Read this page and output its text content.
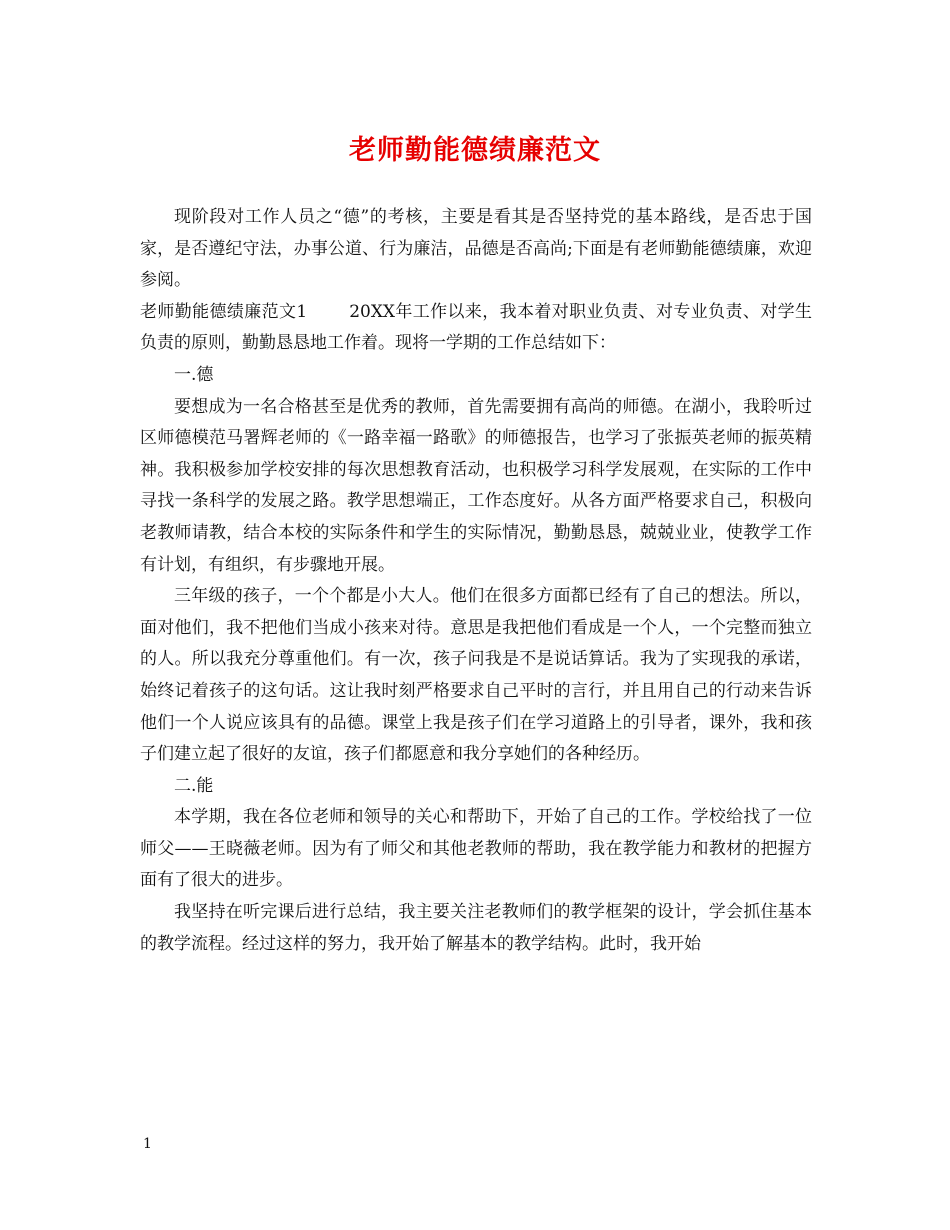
老师勤能德绩廉范文

现阶段对工作人员之“德”的考核，主要是看其是否坚持党的基本路线，是否忠于国家，是否遵纪守法，办事公道、行为廉洁，品德是否高尚;下面是有老师勤能德绩廉，欢迎参阅。

老师勤能德绩廉范文1 20XX年工作以来，我本着对职业负责、对专业负责、对学生负责的原则，勤勤恳恳地工作着。现将一学期的工作总结如下：

一.德

要想成为一名合格甚至是优秀的教师，首先需要拥有高尚的师德。在湖小，我聆听过区师德模范马署辉老师的《一路幸福一路歌》的师德报告，也学习了张振英老师的振英精神。我积极参加学校安排的每次思想教育活动，也积极学习科学发展观，在实际的工作中寻找一条科学的发展之路。教学思想端正，工作态度好。从各方面严格要求自己，积极向老教师请教，结合本校的实际条件和学生的实际情况，勤勤恳恳，兢兢业业，使教学工作有计划，有组织，有步骤地开展。

三年级的孩子，一个个都是小大人。他们在很多方面都已经有了自己的想法。所以，面对他们，我不把他们当成小孩来对待。意思是我把他们看成是一个人，一个完整而独立的人。所以我充分尊重他们。有一次，孩子问我是不是说话算话。我为了实现我的承诺，始终记着孩子的这句话。这让我时刻严格要求自己平时的言行，并且用自己的行动来告诉他们一个人说应该具有的品德。课堂上我是孩子们在学习道路上的引导者，课外，我和孩子们建立起了很好的友谊，孩子们都愿意和我分享她们的各种经历。

二.能

本学期，我在各位老师和领导的关心和帮助下，开始了自己的工作。学校给找了一位师父——王晓薇老师。因为有了师父和其他老教师的帮助，我在教学能力和教材的把握方面有了很大的进步。

我坚持在听完课后进行总结，我主要关注老教师们的教学框架的设计，学会抓住基本的教学流程。经过这样的努力，我开始了解基本的教学结构。此时，我开始

1
